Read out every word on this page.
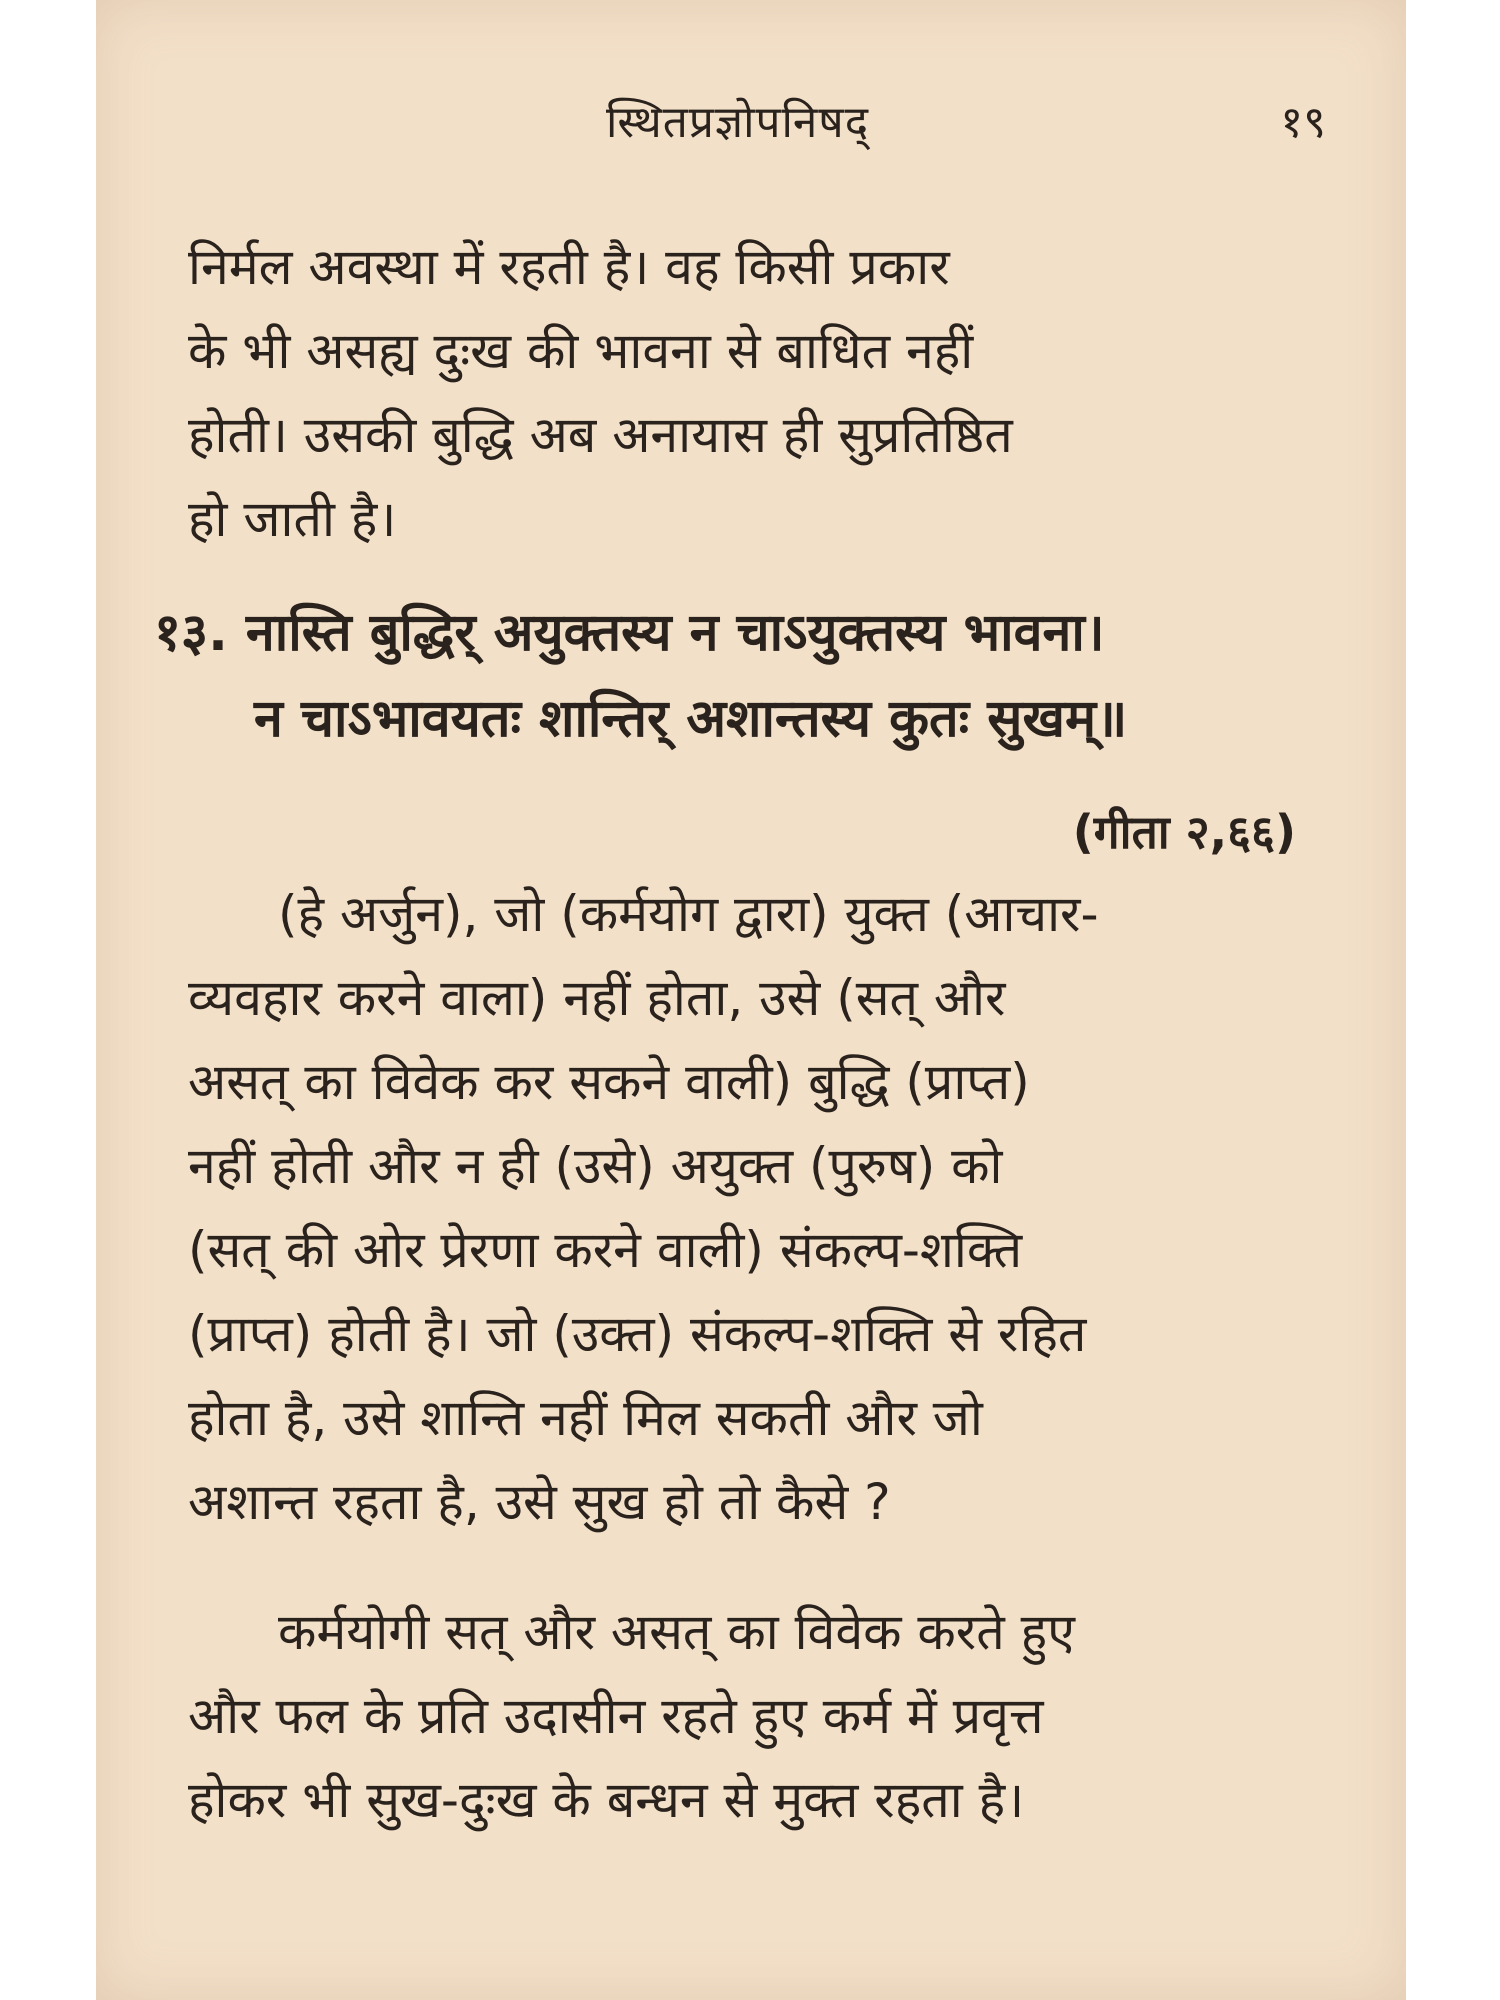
स्थितप्रज्ञोपनिषद्	१९

निर्मल अवस्था में रहती है। वह किसी प्रकार
के भी असह्य दुःख की भावना से बाधित नहीं
होती। उसकी बुद्धि अब अनायास ही सुप्रतिष्ठित
हो जाती है।

१३. नास्ति बुद्धिर् अयुक्तस्य न चाऽयुक्तस्य भावना।
न चाऽभावयतः शान्तिर् अशान्तस्य कुतः सुखम्॥
(गीता २,६६)

(हे अर्जुन), जो (कर्मयोग द्वारा) युक्त (आचार-
व्यवहार करने वाला) नहीं होता, उसे (सत् और
असत् का विवेक कर सकने वाली) बुद्धि (प्राप्त)
नहीं होती और न ही (उसे) अयुक्त (पुरुष) को
(सत् की ओर प्रेरणा करने वाली) संकल्प-शक्ति
(प्राप्त) होती है। जो (उक्त) संकल्प-शक्ति से रहित
होता है, उसे शान्ति नहीं मिल सकती और जो
अशान्त रहता है, उसे सुख हो तो कैसे ?

कर्मयोगी सत् और असत् का विवेक करते हुए
और फल के प्रति उदासीन रहते हुए कर्म में प्रवृत्त
होकर भी सुख-दुःख के बन्धन से मुक्त रहता है।
